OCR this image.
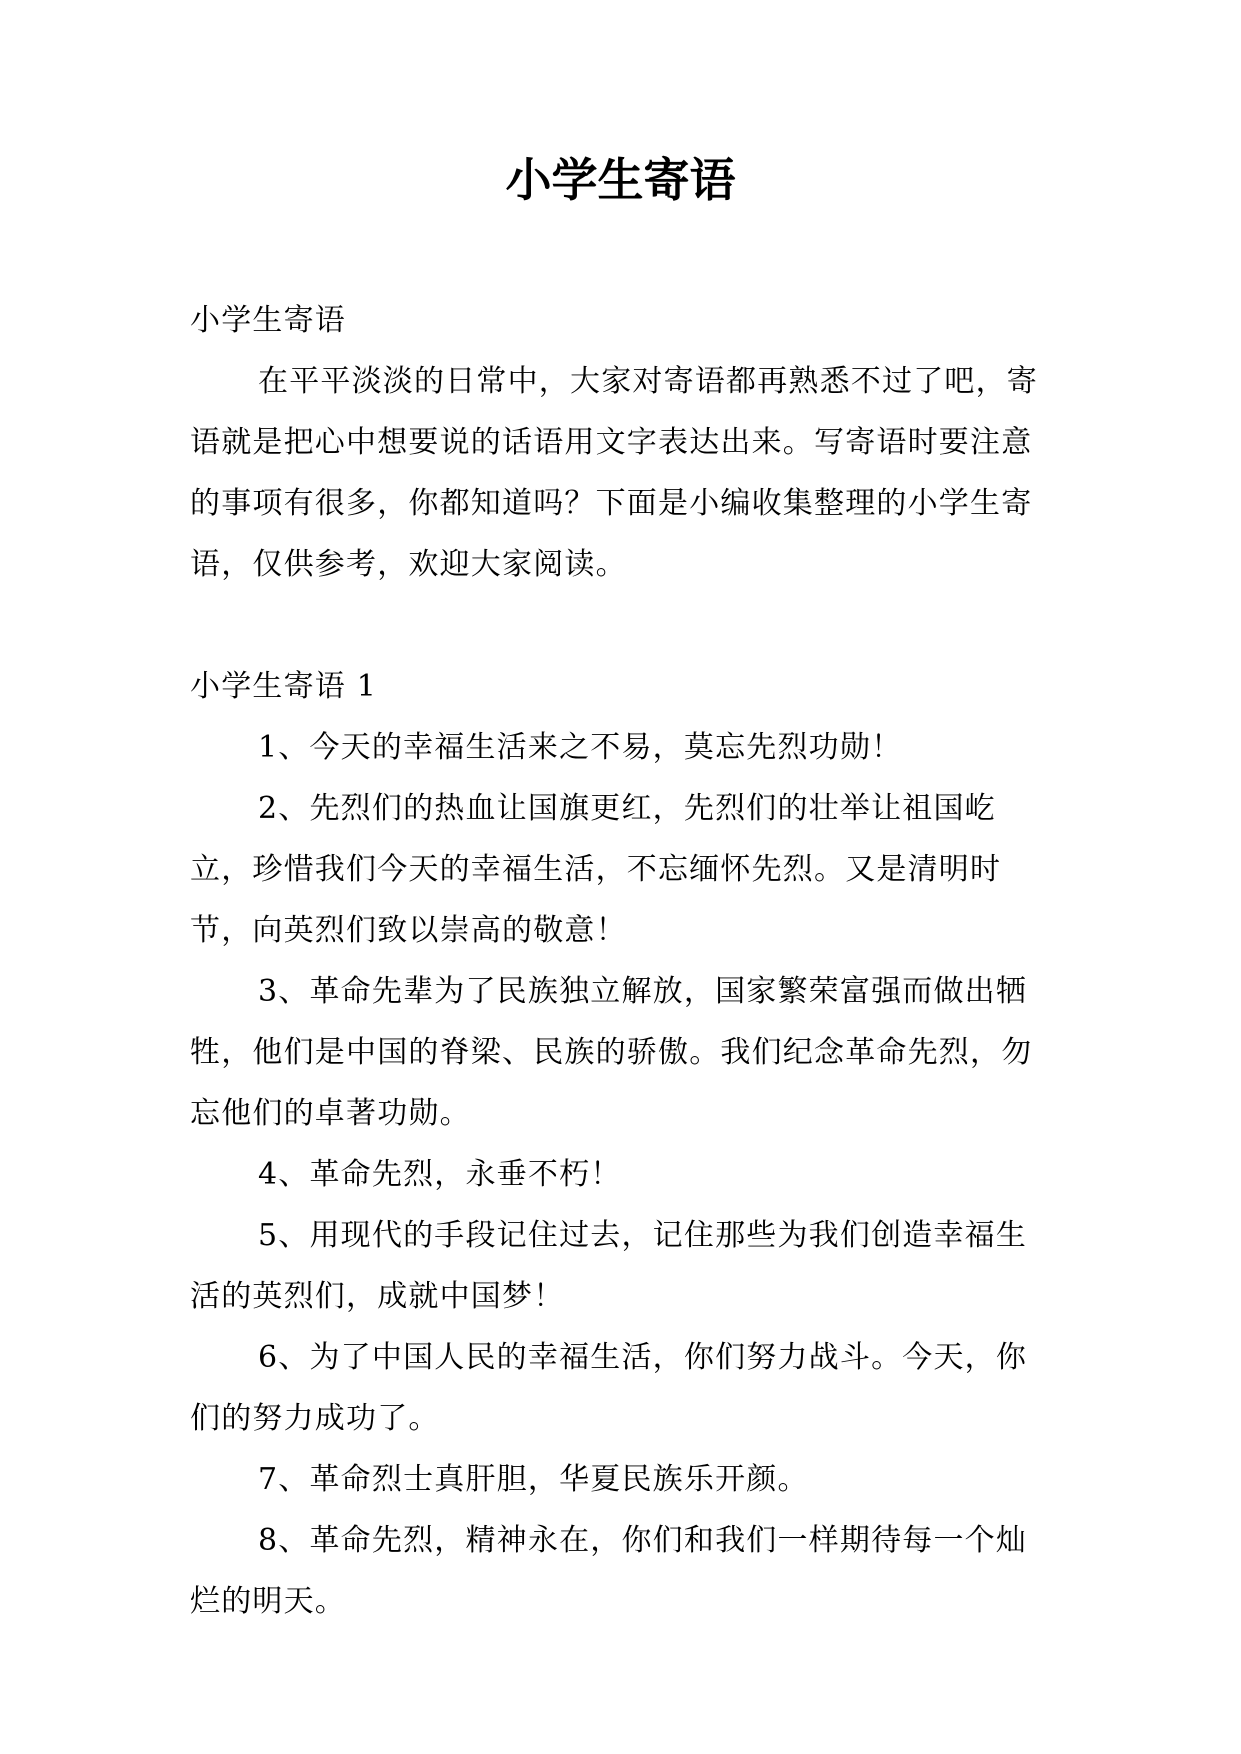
小学生寄语

小学生寄语

在平平淡淡的日常中，大家对寄语都再熟悉不过了吧，寄语就是把心中想要说的话语用文字表达出来。写寄语时要注意的事项有很多，你都知道吗？下面是小编收集整理的小学生寄语，仅供参考，欢迎大家阅读。

小学生寄语 1

1、今天的幸福生活来之不易，莫忘先烈功勋！

2、先烈们的热血让国旗更红，先烈们的壮举让祖国屹立，珍惜我们今天的幸福生活，不忘缅怀先烈。又是清明时节，向英烈们致以崇高的敬意！

3、革命先辈为了民族独立解放，国家繁荣富强而做出牺牲，他们是中国的脊梁、民族的骄傲。我们纪念革命先烈，勿忘他们的卓著功勋。

4、革命先烈，永垂不朽！

5、用现代的手段记住过去，记住那些为我们创造幸福生活的英烈们，成就中国梦！

6、为了中国人民的幸福生活，你们努力战斗。今天，你们的努力成功了。

7、革命烈士真肝胆，华夏民族乐开颜。

8、革命先烈，精神永在，你们和我们一样期待每一个灿烂的明天。
